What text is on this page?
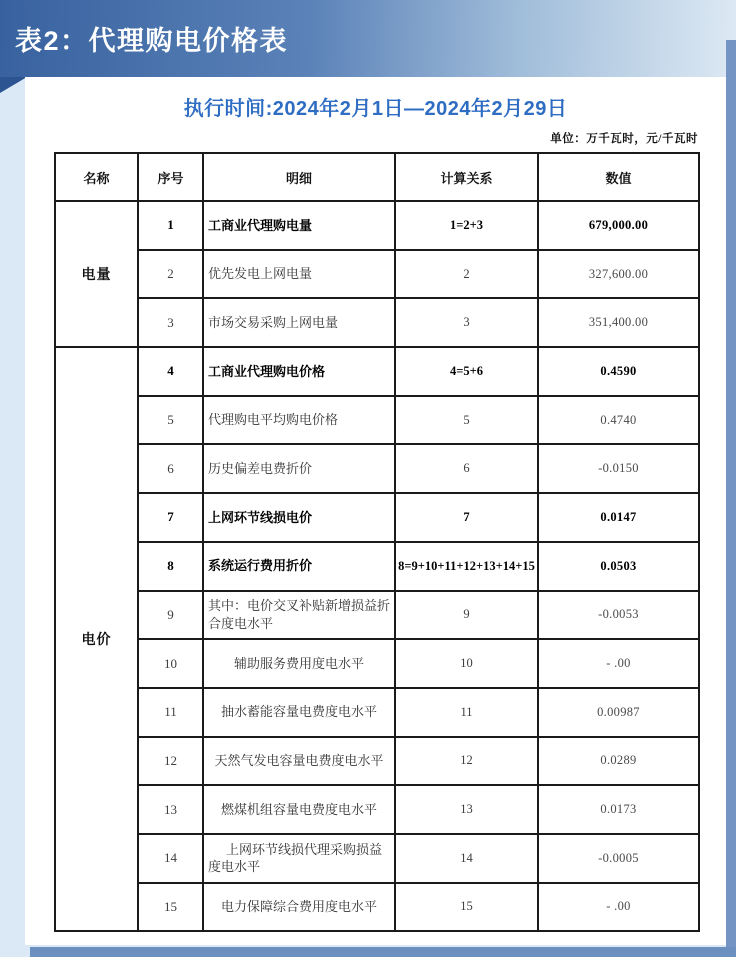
表2：代理购电价格表
执行时间:2024年2月1日—2024年2月29日
单位：万千瓦时，元/千瓦时
名称	序号	明细	计算关系	数值
电量	1	工商业代理购电量	1=2+3	679,000.00
	2	优先发电上网电量	2	327,600.00
	3	市场交易采购上网电量	3	351,400.00
电价	4	工商业代理购电价格	4=5+6	0.4590
	5	代理购电平均购电价格	5	0.4740
	6	历史偏差电费折价	6	-0.0150
	7	上网环节线损电价	7	0.0147
	8	系统运行费用折价	8=9+10+11+12+13+14+15	0.0503
	9	其中：电价交叉补贴新增损益折合度电水平	9	-0.0053
	10	辅助服务费用度电水平	10	- .00
	11	抽水蓄能容量电费度电水平	11	0.00987
	12	天然气发电容量电费度电水平	12	0.0289
	13	燃煤机组容量电费度电水平	13	0.0173
	14	上网环节线损代理采购损益度电水平	14	-0.0005
	15	电力保障综合费用度电水平	15	- .00
